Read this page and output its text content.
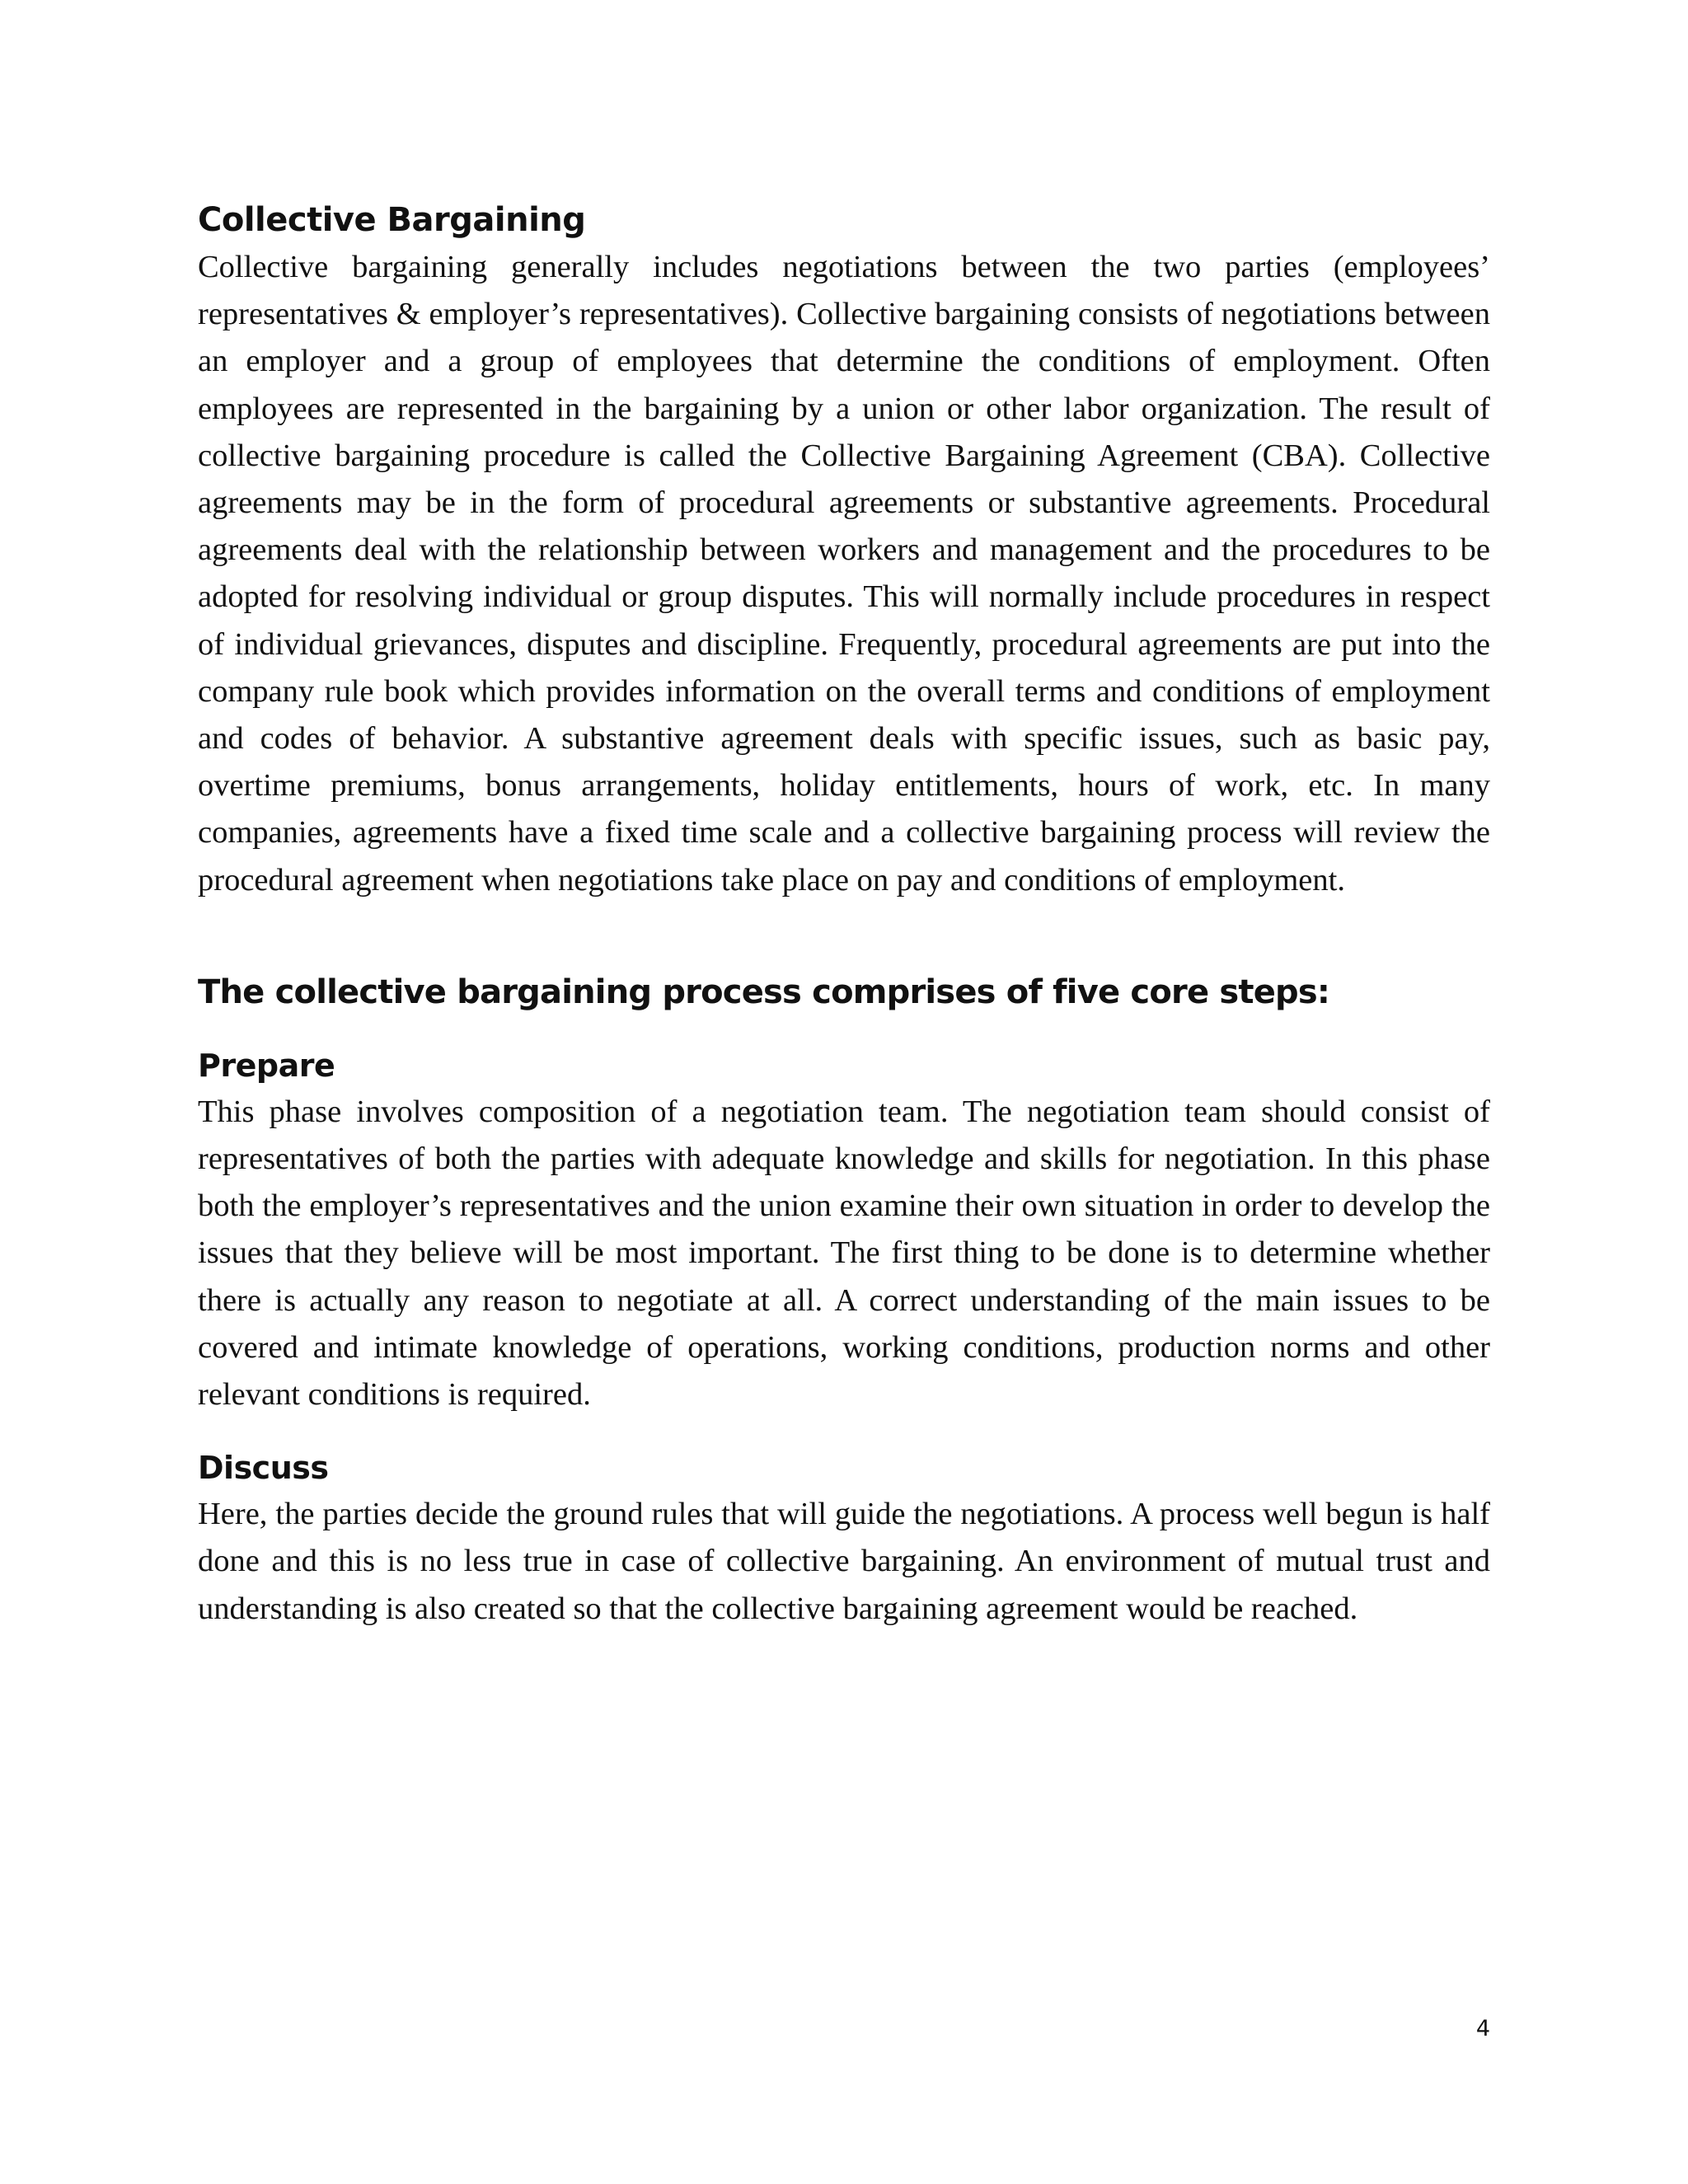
Collective Bargaining

Collective bargaining generally includes negotiations between the two parties (employees’ representatives & employer’s representatives). Collective bargaining consists of negotiations between an employer and a group of employees that determine the conditions of employment. Often employees are represented in the bargaining by a union or other labor organization. The result of collective bargaining procedure is called the Collective Bargaining Agreement (CBA). Collective agreements may be in the form of procedural agreements or substantive agreements. Procedural agreements deal with the relationship between workers and management and the procedures to be adopted for resolving individual or group disputes. This will normally include procedures in respect of individual grievances, disputes and discipline. Frequently, procedural agreements are put into the company rule book which provides information on the overall terms and conditions of employment and codes of behavior. A substantive agreement deals with specific issues, such as basic pay, overtime premiums, bonus arrangements, holiday entitlements, hours of work, etc. In many companies, agreements have a fixed time scale and a collective bargaining process will review the procedural agreement when negotiations take place on pay and conditions of employment.

The collective bargaining process comprises of five core steps:
Prepare

This phase involves composition of a negotiation team. The negotiation team should consist of representatives of both the parties with adequate knowledge and skills for negotiation. In this phase both the employer’s representatives and the union examine their own situation in order to develop the issues that they believe will be most important. The first thing to be done is to determine whether there is actually any reason to negotiate at all. A correct understanding of the main issues to be covered and intimate knowledge of operations, working conditions, production norms and other relevant conditions is required.

Discuss

Here, the parties decide the ground rules that will guide the negotiations. A process well begun is half done and this is no less true in case of collective bargaining. An environment of mutual trust and understanding is also created so that the collective bargaining agreement would be reached.

4
